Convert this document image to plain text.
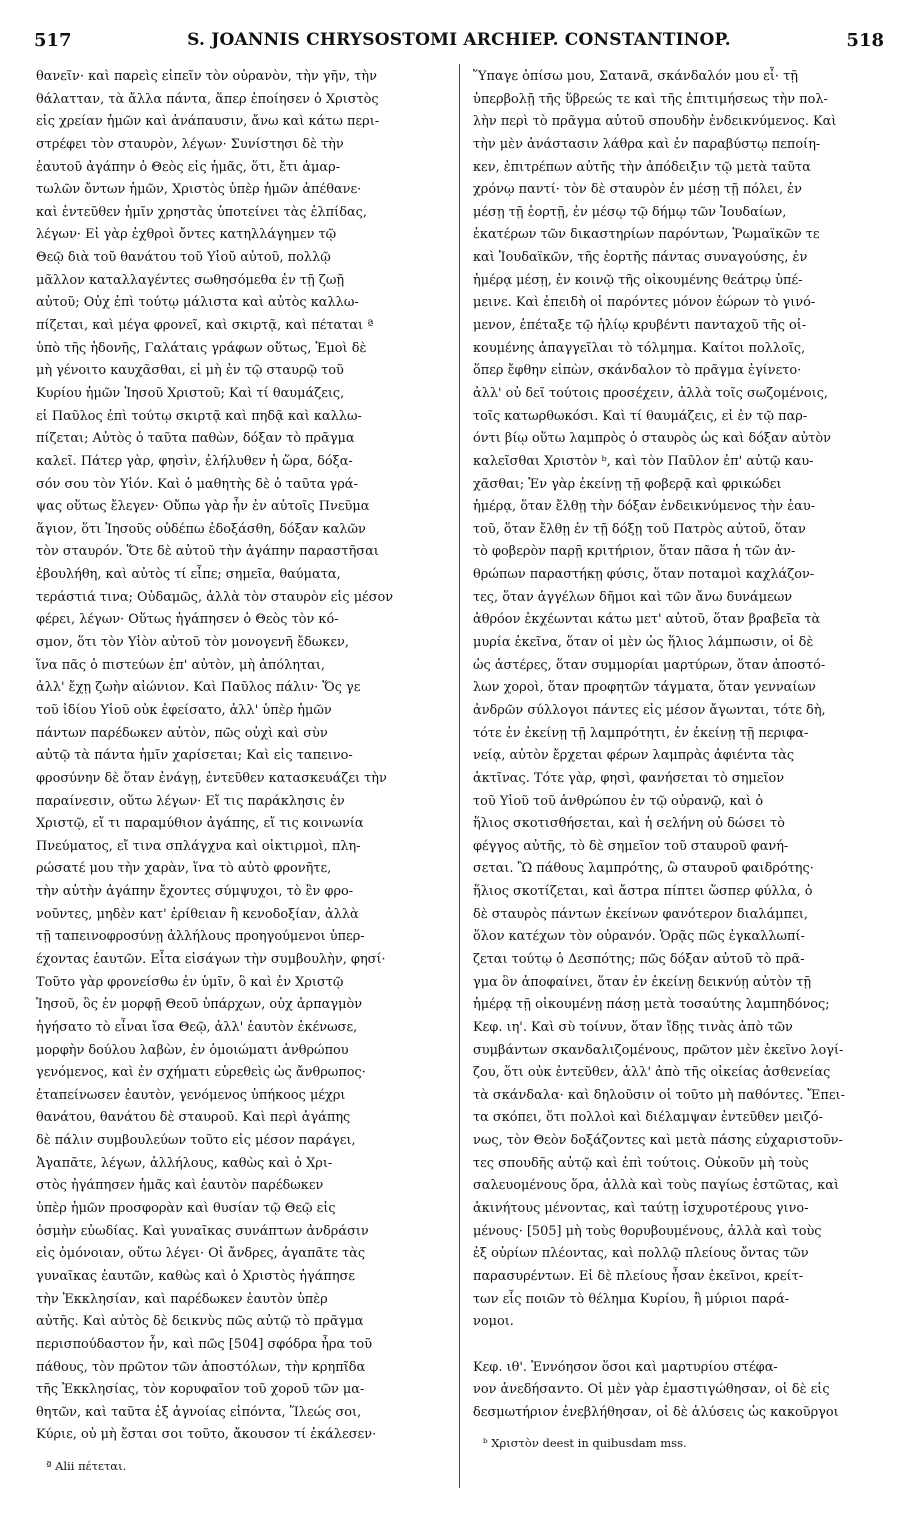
517	S. JOANNIS CHRYSOSTOMI ARCHIEP. CONSTANTINOP.	518
θανεῖν· καὶ παρεὶς εἰπεῖν τὸν οὐρανὸν, τὴν γῆν, τὴν
θάλατταν, τὰ ἄλλα πάντα, ἅπερ ἐποίησεν ὁ Χριστὸς
εἰς χρείαν ἡμῶν καὶ ἀνάπαυσιν, ἄνω καὶ κάτω περι-
στρέφει τὸν σταυρὸν, λέγων· Συνίστησι δὲ τὴν
ἑαυτοῦ ἀγάπην ὁ Θεὸς εἰς ἡμᾶς, ὅτι, ἔτι ἁμαρ-
τωλῶν ὄντων ἡμῶν, Χριστὸς ὑπὲρ ἡμῶν ἀπέθανε·
καὶ ἐντεῦθεν ἡμῖν χρηστὰς ὑποτείνει τὰς ἐλπίδας,
λέγων· Εἰ γὰρ ἐχθροὶ ὄντες κατηλλάγημεν τῷ
Θεῷ διὰ τοῦ θανάτου τοῦ Υἱοῦ αὐτοῦ, πολλῷ
μᾶλλον καταλλαγέντες σωθησόμεθα ἐν τῇ ζωῇ
αὐτοῦ; Οὐχ ἐπὶ τούτῳ μάλιστα καὶ αὐτὸς καλλω-
πίζεται, καὶ μέγα φρονεῖ, καὶ σκιρτᾷ, καὶ πέταται ª
ὑπὸ τῆς ἡδονῆς, Γαλάταις γράφων οὕτως, Ἐμοὶ δὲ
μὴ γένοιτο καυχᾶσθαι, εἰ μὴ ἐν τῷ σταυρῷ τοῦ
Κυρίου ἡμῶν Ἰησοῦ Χριστοῦ; Καὶ τί θαυμάζεις,
εἰ Παῦλος ἐπὶ τούτῳ σκιρτᾷ καὶ πηδᾷ καὶ καλλω-
πίζεται; Αὐτὸς ὁ ταῦτα παθὼν, δόξαν τὸ πρᾶγμα
καλεῖ. Πάτερ γὰρ, φησὶν, ἐλήλυθεν ἡ ὥρα, δόξα-
σόν σου τὸν Υἱόν. Καὶ ὁ μαθητὴς δὲ ὁ ταῦτα γρά-
ψας οὕτως ἔλεγεν· Οὔπω γὰρ ἦν ἐν αὐτοῖς Πνεῦμα
ἅγιον, ὅτι Ἰησοῦς οὐδέπω ἐδοξάσθη, δόξαν καλῶν
τὸν σταυρόν. Ὅτε δὲ αὐτοῦ τὴν ἀγάπην παραστῆσαι
ἐβουλήθη, καὶ αὐτὸς τί εἶπε; σημεῖα, θαύματα,
τεράστιά τινα; Οὐδαμῶς, ἀλλὰ τὸν σταυρὸν εἰς μέσον
φέρει, λέγων· Οὕτως ἠγάπησεν ὁ Θεὸς τὸν κό-
σμον, ὅτι τὸν Υἱὸν αὐτοῦ τὸν μονογενῆ ἔδωκεν,
ἵνα πᾶς ὁ πιστεύων ἐπ' αὐτὸν, μὴ ἀπόληται,
ἀλλ' ἔχῃ ζωὴν αἰώνιον. Καὶ Παῦλος πάλιν· Ὅς γε
τοῦ ἰδίου Υἱοῦ οὐκ ἐφείσατο, ἀλλ' ὑπὲρ ἡμῶν
πάντων παρέδωκεν αὐτὸν, πῶς οὐχὶ καὶ σὺν
αὐτῷ τὰ πάντα ἡμῖν χαρίσεται; Καὶ εἰς ταπεινο-
φροσύνην δὲ ὅταν ἐνάγῃ, ἐντεῦθεν κατασκευάζει τὴν
παραίνεσιν, οὕτω λέγων· Εἴ τις παράκλησις ἐν
Χριστῷ, εἴ τι παραμύθιον ἀγάπης, εἴ τις κοινωνία
Πνεύματος, εἴ τινα σπλάγχνα καὶ οἰκτιρμοὶ, πλη-
ρώσατέ μου τὴν χαρὰν, ἵνα τὸ αὐτὸ φρονῆτε,
τὴν αὐτὴν ἀγάπην ἔχοντες σύμψυχοι, τὸ ἓν φρο-
νοῦντες, μηδὲν κατ' ἐρίθειαν ἢ κενοδοξίαν, ἀλλὰ
τῇ ταπεινοφροσύνῃ ἀλλήλους προηγούμενοι ὑπερ-
έχοντας ἑαυτῶν. Εἶτα εἰσάγων τὴν συμβουλὴν, φησί·
Τοῦτο γὰρ φρονείσθω ἐν ὑμῖν, ὃ καὶ ἐν Χριστῷ
Ἰησοῦ, ὃς ἐν μορφῇ Θεοῦ ὑπάρχων, οὐχ ἁρπαγμὸν
ἡγήσατο τὸ εἶναι ἴσα Θεῷ, ἀλλ' ἑαυτὸν ἐκένωσε,
μορφὴν δούλου λαβὼν, ἐν ὁμοιώματι ἀνθρώπου
γενόμενος, καὶ ἐν σχήματι εὑρεθεὶς ὡς ἄνθρωπος·
ἐταπείνωσεν ἑαυτὸν, γενόμενος ὑπήκοος μέχρι
θανάτου, θανάτου δὲ σταυροῦ. Καὶ περὶ ἀγάπης
δὲ πάλιν συμβουλεύων τοῦτο εἰς μέσον παράγει,
Ἀγαπᾶτε, λέγων, ἀλλήλους, καθὼς καὶ ὁ Χρι-
στὸς ἠγάπησεν ἡμᾶς καὶ ἑαυτὸν παρέδωκεν
ὑπὲρ ἡμῶν προσφορὰν καὶ θυσίαν τῷ Θεῷ εἰς
ὀσμὴν εὐωδίας. Καὶ γυναῖκας συνάπτων ἀνδράσιν
εἰς ὁμόνοιαν, οὕτω λέγει· Οἱ ἄνδρες, ἀγαπᾶτε τὰς
γυναῖκας ἑαυτῶν, καθὼς καὶ ὁ Χριστὸς ἠγάπησε
τὴν Ἐκκλησίαν, καὶ παρέδωκεν ἑαυτὸν ὑπὲρ
αὐτῆς. Καὶ αὐτὸς δὲ δεικνὺς πῶς αὐτῷ τὸ πρᾶγμα
περισπούδαστον ἦν, καὶ πῶς [504] σφόδρα ἦρα τοῦ
πάθους, τὸν πρῶτον τῶν ἀποστόλων, τὴν κρηπῖδα
τῆς Ἐκκλησίας, τὸν κορυφαῖον τοῦ χοροῦ τῶν μα-
θητῶν, καὶ ταῦτα ἐξ ἀγνοίας εἰπόντα, Ἵλεώς σοι,
Κύριε, οὐ μὴ ἔσται σοι τοῦτο, ἄκουσον τί ἐκάλεσεν·
ª Alii πέτεται.
Ὕπαγε ὀπίσω μου, Σατανᾶ, σκάνδαλόν μου εἶ· τῇ
ὑπερβολῇ τῆς ὕβρεώς τε καὶ τῆς ἐπιτιμήσεως τὴν πολ-
λὴν περὶ τὸ πρᾶγμα αὐτοῦ σπουδὴν ἐνδεικνύμενος. Καὶ
τὴν μὲν ἀνάστασιν λάθρα καὶ ἐν παραβύστῳ πεποίη-
κεν, ἐπιτρέπων αὐτῆς τὴν ἀπόδειξιν τῷ μετὰ ταῦτα
χρόνῳ παντί· τὸν δὲ σταυρὸν ἐν μέσῃ τῇ πόλει, ἐν
μέσῃ τῇ ἑορτῇ, ἐν μέσῳ τῷ δήμῳ τῶν Ἰουδαίων,
ἑκατέρων τῶν δικαστηρίων παρόντων, Ῥωμαϊκῶν τε
καὶ Ἰουδαϊκῶν, τῆς ἑορτῆς πάντας συναγούσης, ἐν
ἡμέρᾳ μέσῃ, ἐν κοινῷ τῆς οἰκουμένης θεάτρῳ ὑπέ-
μεινε. Καὶ ἐπειδὴ οἱ παρόντες μόνον ἑώρων τὸ γινό-
μενον, ἐπέταξε τῷ ἡλίῳ κρυβέντι πανταχοῦ τῆς οἰ-
κουμένης ἀπαγγεῖλαι τὸ τόλμημα. Καίτοι πολλοῖς,
ὅπερ ἔφθην εἰπὼν, σκάνδαλον τὸ πρᾶγμα ἐγίνετο·
ἀλλ' οὐ δεῖ τούτοις προσέχειν, ἀλλὰ τοῖς σωζομένοις,
τοῖς κατωρθωκόσι. Καὶ τί θαυμάζεις, εἰ ἐν τῷ παρ-
όντι βίῳ οὕτω λαμπρὸς ὁ σταυρὸς ὡς καὶ δόξαν αὐτὸν
καλεῖσθαι Χριστὸν ᵇ, καὶ τὸν Παῦλον ἐπ' αὐτῷ καυ-
χᾶσθαι; Ἐν γὰρ ἐκείνῃ τῇ φοβερᾷ καὶ φρικώδει
ἡμέρᾳ, ὅταν ἔλθῃ τὴν δόξαν ἐνδεικνύμενος τὴν ἑαυ-
τοῦ, ὅταν ἔλθῃ ἐν τῇ δόξῃ τοῦ Πατρὸς αὐτοῦ, ὅταν
τὸ φοβερὸν παρῇ κριτήριον, ὅταν πᾶσα ἡ τῶν ἀν-
θρώπων παραστήκῃ φύσις, ὅταν ποταμοὶ καχλάζον-
τες, ὅταν ἀγγέλων δῆμοι καὶ τῶν ἄνω δυνάμεων
ἀθρόον ἐκχέωνται κάτω μετ' αὐτοῦ, ὅταν βραβεῖα τὰ
μυρία ἐκεῖνα, ὅταν οἱ μὲν ὡς ἥλιος λάμπωσιν, οἱ δὲ
ὡς ἀστέρες, ὅταν συμμορίαι μαρτύρων, ὅταν ἀποστό-
λων χοροὶ, ὅταν προφητῶν τάγματα, ὅταν γενναίων
ἀνδρῶν σύλλογοι πάντες εἰς μέσον ἄγωνται, τότε δὴ,
τότε ἐν ἐκείνῃ τῇ λαμπρότητι, ἐν ἐκείνῃ τῇ περιφα-
νείᾳ, αὐτὸν ἔρχεται φέρων λαμπρὰς ἀφιέντα τὰς
ἀκτῖνας. Τότε γὰρ, φησὶ, φανήσεται τὸ σημεῖον
τοῦ Υἱοῦ τοῦ ἀνθρώπου ἐν τῷ οὐρανῷ, καὶ ὁ
ἥλιος σκοτισθήσεται, καὶ ἡ σελήνη οὐ δώσει τὸ
φέγγος αὐτῆς, τὸ δὲ σημεῖον τοῦ σταυροῦ φανή-
σεται. Ὢ πάθους λαμπρότης, ὢ σταυροῦ φαιδρότης·
ἥλιος σκοτίζεται, καὶ ἄστρα πίπτει ὥσπερ φύλλα, ὁ
δὲ σταυρὸς πάντων ἐκείνων φανότερον διαλάμπει,
ὅλον κατέχων τὸν οὐρανόν. Ὁρᾷς πῶς ἐγκαλλωπί-
ζεται τούτῳ ὁ Δεσπότης; πῶς δόξαν αὐτοῦ τὸ πρᾶ-
γμα ὃν ἀποφαίνει, ὅταν ἐν ἐκείνῃ δεικνύῃ αὐτὸν τῇ
ἡμέρᾳ τῇ οἰκουμένῃ πάσῃ μετὰ τοσαύτης λαμπηδόνος;
Κεφ. ιη'. Καὶ σὺ τοίνυν, ὅταν ἴδῃς τινὰς ἀπὸ τῶν
συμβάντων σκανδαλιζομένους, πρῶτον μὲν ἐκεῖνο λογί-
ζου, ὅτι οὐκ ἐντεῦθεν, ἀλλ' ἀπὸ τῆς οἰκείας ἀσθενείας
τὰ σκάνδαλα· καὶ δηλοῦσιν οἱ τοῦτο μὴ παθόντες. Ἔπει-
τα σκόπει, ὅτι πολλοὶ καὶ διέλαμψαν ἐντεῦθεν μειζό-
νως, τὸν Θεὸν δοξάζοντες καὶ μετὰ πάσης εὐχαριστοῦν-
τες σπουδῆς αὐτῷ καὶ ἐπὶ τούτοις. Οὐκοῦν μὴ τοὺς
σαλευομένους ὅρα, ἀλλὰ καὶ τοὺς παγίως ἑστῶτας, καὶ
ἀκινήτους μένοντας, καὶ ταύτῃ ἰσχυροτέρους γινο-
μένους· [505] μὴ τοὺς θορυβουμένους, ἀλλὰ καὶ τοὺς
ἐξ οὐρίων πλέοντας, καὶ πολλῷ πλείους ὄντας τῶν
παρασυρέντων. Εἰ δὲ πλείους ἦσαν ἐκεῖνοι, κρείτ-
των εἷς ποιῶν τὸ θέλημα Κυρίου, ἢ μύριοι παρά-
νομοι.
Κεφ. ιθ'. Ἐννόησον ὅσοι καὶ μαρτυρίου στέφα-
νον ἀνεδήσαντο. Οἱ μὲν γὰρ ἐμαστιγώθησαν, οἱ δὲ εἰς
δεσμωτήριον ἐνεβλήθησαν, οἱ δὲ ἁλύσεις ὡς κακοῦργοι
ᵇ Χριστὸν deest in quibusdam mss.
